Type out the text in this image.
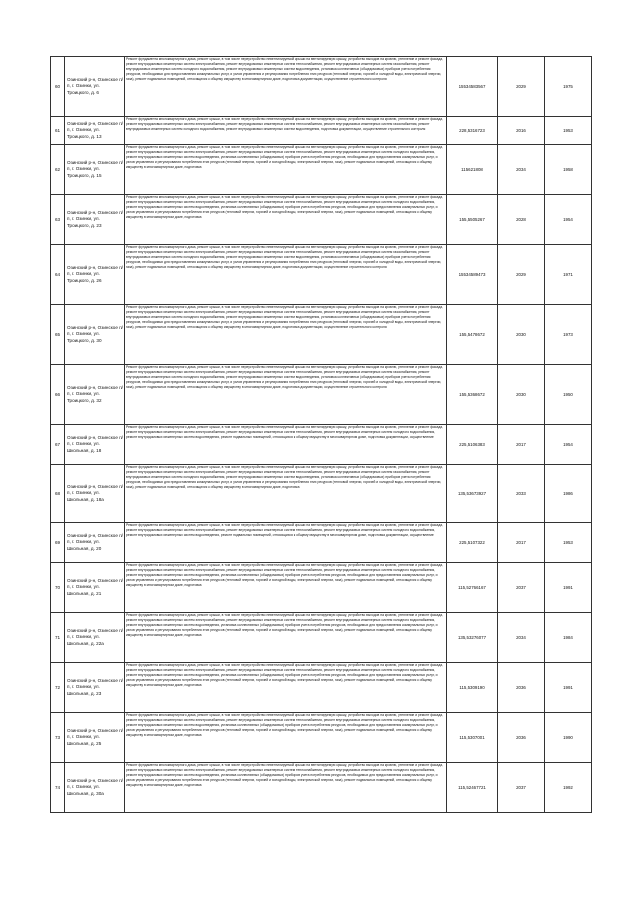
60	Озинский р-н, Озинское п/п, г. Озинки, ул. Троицкого, д. 6	Ремонт фундамента многоквартирного дома, ремонт крыши, в том числе переустройство невентилируемой крыши на вентилируемую крышу, устройство выходов на кровлю, утепление и ремонт фасада, ремонт внутридомовых инженерных систем электроснабжения, ремонт внутридомовых инженерных систем теплоснабжения, ремонт внутридомовых инженерных систем газоснабжения, ремонт внутридомовых инженерных систем холодного водоснабжения, ремонт внутридомовых инженерных систем водоотведения, установка коллективных (общедомовых) приборов учета потребления ресурсов, необходимых для предоставления коммунальных услуг, и узлов управления и регулирования потребления этих ресурсов (тепловой энергии, горячей и холодной воды, электрической энергии, газа), ремонт подвальных помещений, относящихся к общему имуществу в многоквартирном доме, подготовка документации, осуществление строительного контроля	15534583567	2029	1975

61	Озинский р-н, Озинское п/п, г. Озинки, ул. Троицкого, д. 13	Ремонт фундамента многоквартирного дома, ремонт крыши, в том числе переустройство невентилируемой крыши на вентилируемую крышу, устройство выходов на кровлю, утепление и ремонт фасада, ремонт внутридомовых инженерных систем электроснабжения, ремонт внутридомовых инженерных систем теплоснабжения, ремонт внутридомовых инженерных систем газоснабжения, ремонт внутридомовых инженерных систем холодного водоснабжения, ремонт внутридомовых инженерных систем водоотведения, подготовка документации, осуществление строительного контроля	228,5316723	2016	1953

62	Озинский р-н, Озинское п/п, г. Озинки, ул. Троицкого, д. 15	Ремонт фундамента многоквартирного дома, ремонт крыши, в том числе переустройство невентилируемой крыши на вентилируемую крышу, устройство выходов на кровлю, утепление и ремонт фасада, ремонт внутридомовых инженерных систем электроснабжения, ремонт внутридомовых инженерных систем теплоснабжения, ремонт внутридомовых инженерных систем холодного водоснабжения, ремонт внутридомовых инженерных систем водоотведения, установка коллективных (общедомовых) приборов учета потребления ресурсов, необходимых для предоставления коммунальных услуг, и узлов управления и регулирования потребления этих ресурсов (тепловой энергии, горячей и холодной воды, электрической энергии, газа), ремонт подвальных помещений, относящихся к общему имуществу в многоквартирном доме, подготовка	115621808	2034	1958

63	Озинский р-н, Озинское п/п, г. Озинки, ул. Троицкого, д. 23	Ремонт фундамента многоквартирного дома, ремонт крыши, в том числе переустройство невентилируемой крыши на вентилируемую крышу, устройство выходов на кровлю, утепление и ремонт фасада, ремонт внутридомовых инженерных систем электроснабжения, ремонт внутридомовых инженерных систем теплоснабжения, ремонт внутридомовых инженерных систем холодного водоснабжения, ремонт внутридомовых инженерных систем водоотведения, установка коллективных (общедомовых) приборов учета потребления ресурсов, необходимых для предоставления коммунальных услуг, и узлов управления и регулирования потребления этих ресурсов (тепловой энергии, горячей и холодной воды, электрической энергии, газа), ремонт подвальных помещений, относящихся к общему имуществу в многоквартирном доме, подготовка	155,5505267	2028	1954

64	Озинский р-н, Озинское п/п, г. Озинки, ул. Троицкого, д. 26	Ремонт фундамента многоквартирного дома, ремонт крыши, в том числе переустройство невентилируемой крыши на вентилируемую крышу, устройство выходов на кровлю, утепление и ремонт фасада, ремонт внутридомовых инженерных систем электроснабжения, ремонт внутридомовых инженерных систем теплоснабжения, ремонт внутридомовых инженерных систем газоснабжения, ремонт внутридомовых инженерных систем холодного водоснабжения, ремонт внутридомовых инженерных систем водоотведения, установка коллективных (общедомовых) приборов учета потребления ресурсов, необходимых для предоставления коммунальных услуг, и узлов управления и регулирования потребления этих ресурсов (тепловой энергии, горячей и холодной воды, электрической энергии, газа), ремонт подвальных помещений, относящихся к общему имуществу в многоквартирном доме, подготовка документации, осуществление строительного контроля	15534589473	2029	1971

65	Озинский р-н, Озинское п/п, г. Озинки, ул. Троицкого, д. 30	Ремонт фундамента многоквартирного дома, ремонт крыши, в том числе переустройство невентилируемой крыши на вентилируемую крышу, устройство выходов на кровлю, утепление и ремонт фасада, ремонт внутридомовых инженерных систем электроснабжения, ремонт внутридомовых инженерных систем теплоснабжения, ремонт внутридомовых инженерных систем газоснабжения, ремонт внутридомовых инженерных систем холодного водоснабжения, ремонт внутридомовых инженерных систем водоотведения, установка коллективных (общедомовых) приборов учета потребления ресурсов, необходимых для предоставления коммунальных услуг, и узлов управления и регулирования потребления этих ресурсов (тепловой энергии, горячей и холодной воды, электрической энергии, газа), ремонт подвальных помещений, относящихся к общему имуществу в многоквартирном доме, подготовка документации, осуществление строительного контроля	155,5478672	2030	1973

66	Озинский р-н, Озинское п/п, г. Озинки, ул. Троицкого, д. 32	Ремонт фундамента многоквартирного дома, ремонт крыши, в том числе переустройство невентилируемой крыши на вентилируемую крышу, устройство выходов на кровлю, утепление и ремонт фасада, ремонт внутридомовых инженерных систем электроснабжения, ремонт внутридомовых инженерных систем теплоснабжения, ремонт внутридомовых инженерных систем газоснабжения, ремонт внутридомовых инженерных систем холодного водоснабжения, ремонт внутридомовых инженерных систем водоотведения, установка коллективных (общедомовых) приборов учета потребления ресурсов, необходимых для предоставления коммунальных услуг, и узлов управления и регулирования потребления этих ресурсов (тепловой энергии, горячей и холодной воды, электрической энергии, газа), ремонт подвальных помещений, относящихся к общему имуществу в многоквартирном доме, подготовка документации, осуществление строительного контроля	155,5368672	2030	1950

67	Озинский р-н, Озинское п/п, г. Озинки, ул. Школьная, д. 18	Ремонт фундамента многоквартирного дома, ремонт крыши, в том числе переустройство невентилируемой крыши на вентилируемую крышу, устройство выходов на кровлю, утепление и ремонт фасада, ремонт внутридомовых инженерных систем электроснабжения, ремонт внутридомовых инженерных систем теплоснабжения, ремонт внутридомовых инженерных систем холодного водоснабжения, ремонт внутридомовых инженерных систем водоотведения, ремонт подвальных помещений, относящихся к общему имуществу в многоквартирном доме, подготовка документации, осуществление	225,5106383	2017	1954

68	Озинский р-н, Озинское п/п, г. Озинки, ул. Школьная, д. 18а	Ремонт фундамента многоквартирного дома, ремонт крыши, в том числе переустройство невентилируемой крыши на вентилируемую крышу, устройство выходов на кровлю, утепление и ремонт фасада, ремонт внутридомовых инженерных систем электроснабжения, ремонт внутридомовых инженерных систем теплоснабжения, ремонт внутридомовых инженерных систем газоснабжения, ремонт внутридомовых инженерных систем холодного водоснабжения, ремонт внутридомовых инженерных систем водоотведения, установка коллективных (общедомовых) приборов учета потребления ресурсов, необходимых для предоставления коммунальных услуг, и узлов управления и регулирования потребления этих ресурсов (тепловой энергии, горячей и холодной воды, электрической энергии, газа), ремонт подвальных помещений, относящихся к общему имуществу в многоквартирном доме, подготовка	135,53673927	2033	1986

69	Озинский р-н, Озинское п/п, г. Озинки, ул. Школьная, д. 20	Ремонт фундамента многоквартирного дома, ремонт крыши, в том числе переустройство невентилируемой крыши на вентилируемую крышу, устройство выходов на кровлю, утепление и ремонт фасада, ремонт внутридомовых инженерных систем электроснабжения, ремонт внутридомовых инженерных систем теплоснабжения, ремонт внутридомовых инженерных систем холодного водоснабжения, ремонт внутридомовых инженерных систем водоотведения, ремонт подвальных помещений, относящихся к общему имуществу в многоквартирном доме, подготовка документации, осуществление	225,5107322	2017	1953

70	Озинский р-н, Озинское п/п, г. Озинки, ул. Школьная, д. 21	Ремонт фундамента многоквартирного дома, ремонт крыши, в том числе переустройство невентилируемой крыши на вентилируемую крышу, устройство выходов на кровлю, утепление и ремонт фасада, ремонт внутридомовых инженерных систем электроснабжения, ремонт внутридомовых инженерных систем теплоснабжения, ремонт внутридомовых инженерных систем холодного водоснабжения, ремонт внутридомовых инженерных систем водоотведения, установка коллективных (общедомовых) приборов учета потребления ресурсов, необходимых для предоставления коммунальных услуг, и узлов управления и регулирования потребления этих ресурсов (тепловой энергии, горячей и холодной воды, электрической энергии, газа), ремонт подвальных помещений, относящихся к общему имуществу в многоквартирном доме, подготовка	115,52766167	2037	1991

71	Озинский р-н, Озинское п/п, г. Озинки, ул. Школьная, д. 22а	Ремонт фундамента многоквартирного дома, ремонт крыши, в том числе переустройство невентилируемой крыши на вентилируемую крышу, устройство выходов на кровлю, утепление и ремонт фасада, ремонт внутридомовых инженерных систем электроснабжения, ремонт внутридомовых инженерных систем теплоснабжения, ремонт внутридомовых инженерных систем холодного водоснабжения, ремонт внутридомовых инженерных систем водоотведения, установка коллективных (общедомовых) приборов учета потребления ресурсов, необходимых для предоставления коммунальных услуг, и узлов управления и регулирования потребления этих ресурсов (тепловой энергии, горячей и холодной воды, электрической энергии, газа), ремонт подвальных помещений, относящихся к общему имуществу в многоквартирном доме, подготовка	135,53276077	2034	1984

72	Озинский р-н, Озинское п/п, г. Озинки, ул. Школьная, д. 23	Ремонт фундамента многоквартирного дома, ремонт крыши, в том числе переустройство невентилируемой крыши на вентилируемую крышу, устройство выходов на кровлю, утепление и ремонт фасада, ремонт внутридомовых инженерных систем электроснабжения, ремонт внутридомовых инженерных систем теплоснабжения, ремонт внутридомовых инженерных систем холодного водоснабжения, ремонт внутридомовых инженерных систем водоотведения, установка коллективных (общедомовых) приборов учета потребления ресурсов, необходимых для предоставления коммунальных услуг, и узлов управления и регулирования потребления этих ресурсов (тепловой энергии, горячей и холодной воды, электрической энергии, газа), ремонт подвальных помещений, относящихся к общему имуществу в многоквартирном доме, подготовка	115,5309190	2036	1991

73	Озинский р-н, Озинское п/п, г. Озинки, ул. Школьная, д. 25	Ремонт фундамента многоквартирного дома, ремонт крыши, в том числе переустройство невентилируемой крыши на вентилируемую крышу, устройство выходов на кровлю, утепление и ремонт фасада, ремонт внутридомовых инженерных систем электроснабжения, ремонт внутридомовых инженерных систем теплоснабжения, ремонт внутридомовых инженерных систем холодного водоснабжения, ремонт внутридомовых инженерных систем водоотведения, установка коллективных (общедомовых) приборов учета потребления ресурсов, необходимых для предоставления коммунальных услуг, и узлов управления и регулирования потребления этих ресурсов (тепловой энергии, горячей и холодной воды, электрической энергии, газа), ремонт подвальных помещений, относящихся к общему имуществу в многоквартирном доме, подготовка	115,5307001	2036	1990

74	Озинский р-н, Озинское п/п, г. Озинки, ул. Школьная, д. 30а	Ремонт фундамента многоквартирного дома, ремонт крыши, в том числе переустройство невентилируемой крыши на вентилируемую крышу, устройство выходов на кровлю, утепление и ремонт фасада, ремонт внутридомовых инженерных систем электроснабжения, ремонт внутридомовых инженерных систем теплоснабжения, ремонт внутридомовых инженерных систем холодного водоснабжения, ремонт внутридомовых инженерных систем водоотведения, установка коллективных (общедомовых) приборов учета потребления ресурсов, необходимых для предоставления коммунальных услуг, и узлов управления и регулирования потребления этих ресурсов (тепловой энергии, горячей и холодной воды, электрической энергии, газа), ремонт подвальных помещений, относящихся к общему имуществу в многоквартирном доме, подготовка	115,52467721	2037	1992
